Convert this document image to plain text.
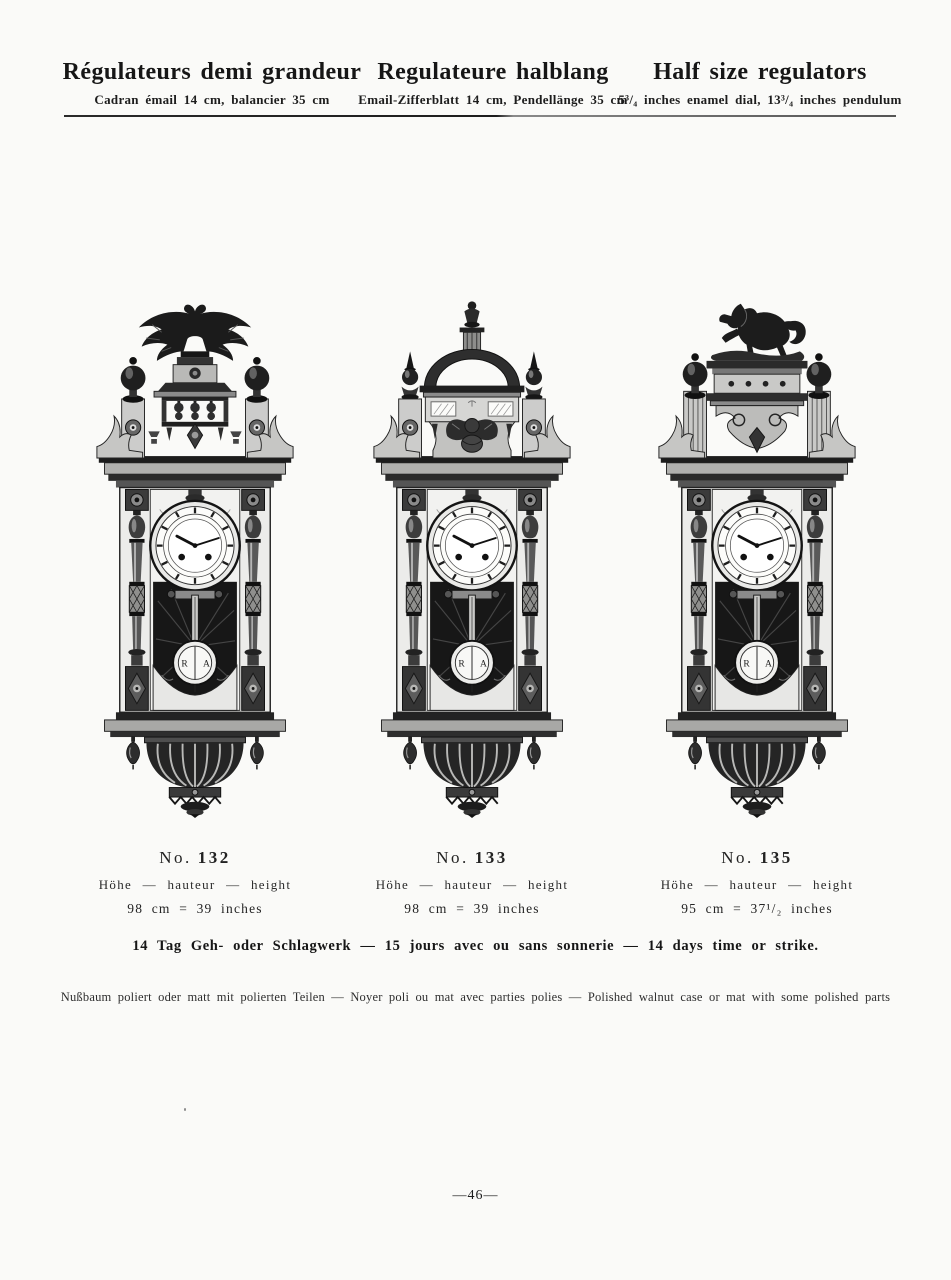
Régulateurs demi grandeur
Cadran émail 14 cm, balancier 35 cm
Regulateure halblang
Email-Zifferblatt 14 cm, Pendellänge 35 cm
Half size regulators
5³/₄ inches enamel dial, 13³/₄ inches pendulum
No. 132
Höhe — hauteur — height
98 cm = 39 inches
No. 133
Höhe — hauteur — height
98 cm = 39 inches
No. 135
Höhe — hauteur — height
95 cm = 37¹/₂ inches
14 Tag Geh- oder Schlagwerk — 15 jours avec ou sans sonnerie — 14 days time or strike.
Nußbaum poliert oder matt mit polierten Teilen — Noyer poli ou mat avec parties polies — Polished walnut case or mat with some polished parts
—46—
